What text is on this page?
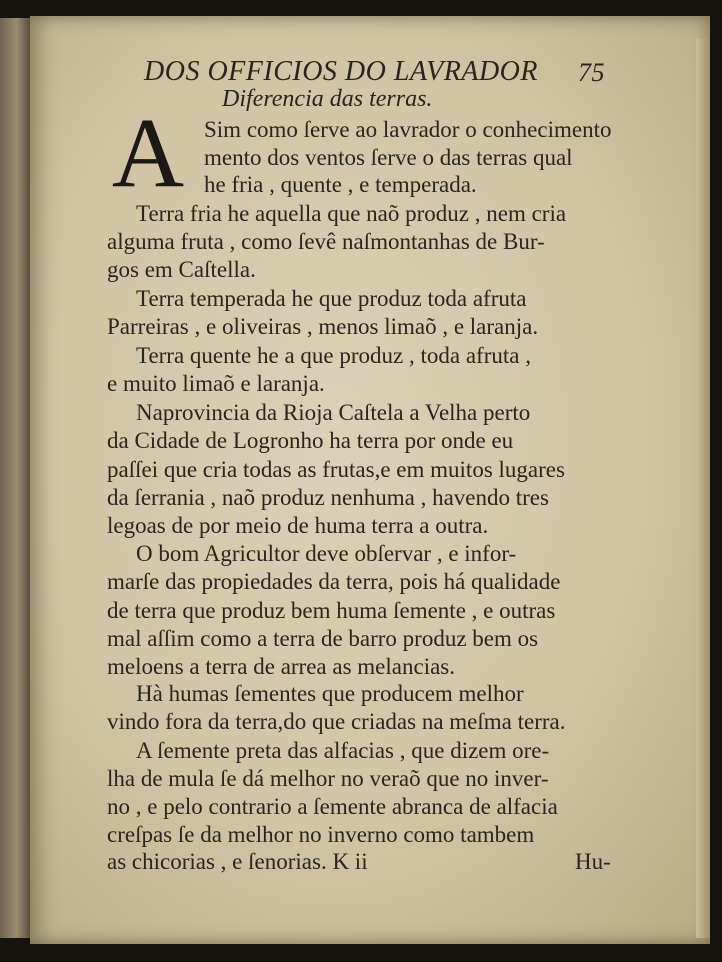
DOS OFFICIOS DO LAVRADOR 75
Diferencia das terras.
A Sim como ſerve ao lavrador o conhecimento
mento dos ventos ſerve o das terras qual
he fria , quente , e temperada.
Terra fria he aquella que naõ produz , nem cria
alguma fruta , como ſevê naſmontanhas de Bur-
gos em Caſtella.
Terra temperada he que produz toda afruta
Parreiras , e oliveiras , menos limaõ , e laranja.
Terra quente he a que produz , toda afruta ,
e muito limaõ e laranja.
Naprovincia da Rioja Caſtela a Velha perto
da Cidade de Logronho ha terra por onde eu
paſſei que cria todas as frutas,e em muitos lugares
da ſerrania , naõ produz nenhuma , havendo tres
legoas de por meio de huma terra a outra.
O bom Agricultor deve obſervar , e infor-
marſe das propiedades da terra, pois há qualidade
de terra que produz bem huma ſemente , e outras
mal aſſim como a terra de barro produz bem os
meloens a terra de arrea as melancias.
Hà humas ſementes que producem melhor
vindo fora da terra,do que criadas na meſma terra.
A ſemente preta das alfacias , que dizem ore-
lha de mula ſe dá melhor no veraõ que no inver-
no , e pelo contrario a ſemente abranca de alfacia
creſpas ſe da melhor no inverno como tambem
as chicorias , e ſenorias. K ii	Hu-
